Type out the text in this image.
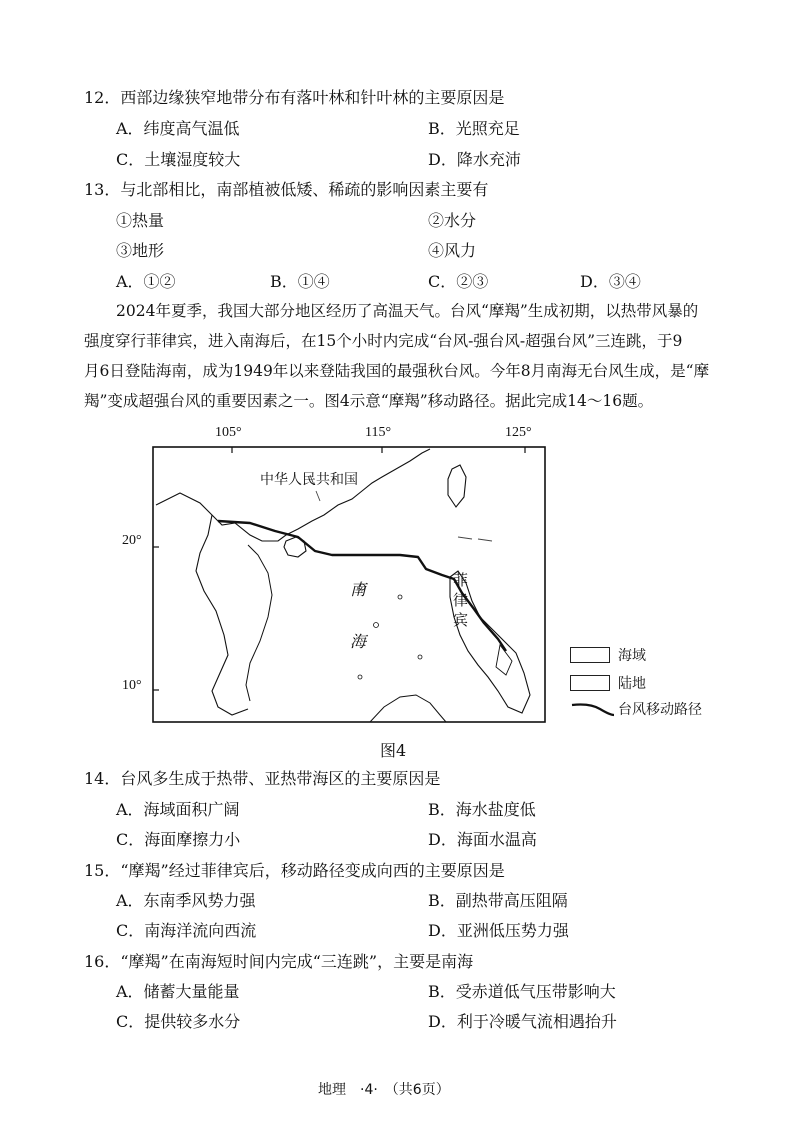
12．西部边缘狭窄地带分布有落叶林和针叶林的主要原因是
A．纬度高气温低	B．光照充足
C．土壤湿度较大	D．降水充沛
13．与北部相比，南部植被低矮、稀疏的影响因素主要有
①热量	②水分
③地形	④风力
A．①②	B．①④	C．②③	D．③④
2024年夏季，我国大部分地区经历了高温天气。台风“摩羯”生成初期，以热带风暴的
强度穿行菲律宾，进入南海后，在15个小时内完成“台风-强台风-超强台风”三连跳，于9
月6日登陆海南，成为1949年以来登陆我国的最强秋台风。今年8月南海无台风生成，是“摩
羯”变成超强台风的重要因素之一。图4示意“摩羯”移动路径。据此完成14～16题。
105°	115°	125°
20°
10°
中华人民共和国
南
海
菲
律
宾
海域
陆地
台风移动路径
图4
14．台风多生成于热带、亚热带海区的主要原因是
A．海域面积广阔	B．海水盐度低
C．海面摩擦力小	D．海面水温高
15．“摩羯”经过菲律宾后，移动路径变成向西的主要原因是
A．东南季风势力强	B．副热带高压阻隔
C．南海洋流向西流	D．亚洲低压势力强
16．“摩羯”在南海短时间内完成“三连跳”，主要是南海
A．储蓄大量能量	B．受赤道低气压带影响大
C．提供较多水分	D．利于冷暖气流相遇抬升
地理　·4·　（共6页）
